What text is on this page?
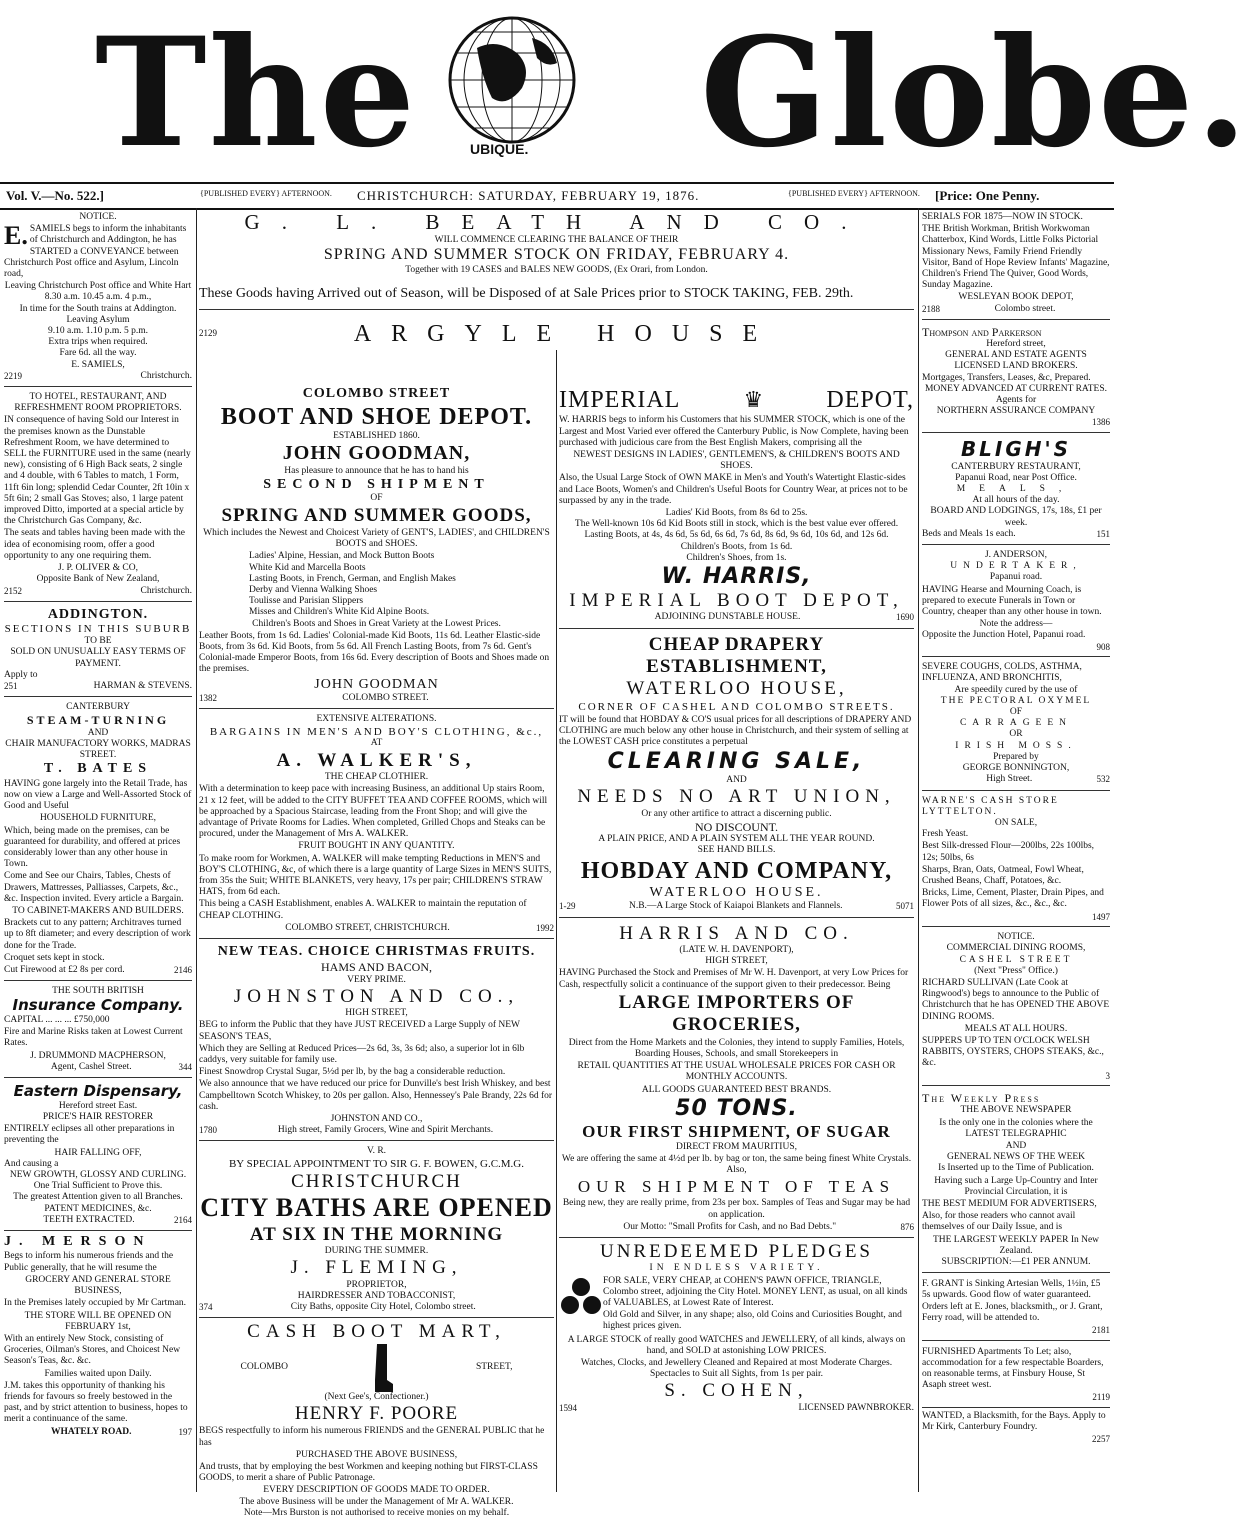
The	UBIQUE. Globe.
Vol. V.—No. 522.]	{PUBLISHED EVERY} AFTERNOON. CHRISTCHURCH: SATURDAY, FEBRUARY 19, 1876.	{PUBLISHED EVERY} AFTERNOON. [Price: One Penny.
NOTICE.

E. SAMIELS begs to inform the inhabitants of Christchurch and Addington, he has STARTED a CONVEYANCE between Christchurch Post office and Asylum, Lincoln road,

Leaving Christchurch Post office and White Hart
8.30 a.m. 10.45 a.m. 4 p.m.,
In time for the South trains at Addington.
Leaving Asylum
9.10 a.m. 1.10 p.m. 5 p.m.
Extra trips when required.
Fare 6d. all the way.
E. SAMIELS,
2219	Christchurch.
TO HOTEL, RESTAURANT, AND REFRESHMENT ROOM PROPRIETORS.

IN consequence of having Sold our Interest in the premises known as the Dunstable Refreshment Room, we have determined to SELL the FURNITURE used in the same (nearly new), consisting of 6 High Back seats, 2 single and 4 double, with 6 Tables to match, 1 Form, 11ft 6in long; splendid Cedar Counter, 2ft 10in x 5ft 6in; 2 small Gas Stoves; also, 1 large patent improved Ditto, imported at a special article by the Christchurch Gas Company, &c.

The seats and tables having been made with the idea of economising room, offer a good opportunity to any one requiring them.

J. P. OLIVER & CO,
Opposite Bank of New Zealand,
2152	Christchurch.
ADDINGTON.
SECTIONS IN THIS SUBURB
TO BE
SOLD ON UNUSUALLY EASY TERMS OF PAYMENT.
Apply to
251	HARMAN & STEVENS.
CANTERBURY
STEAM-TURNING
AND
CHAIR MANUFACTORY WORKS, MADRAS STREET.
T. BATES

HAVING gone largely into the Retail Trade, has now on view a Large and Well-Assorted Stock of Good and Useful

HOUSEHOLD FURNITURE,

Which, being made on the premises, can be guaranteed for durability, and offered at prices considerably lower than any other house in Town.

Come and See our Chairs, Tables, Chests of Drawers, Mattresses, Palliasses, Carpets, &c., &c. Inspection invited. Every article a Bargain.

TO CABINET-MAKERS AND BUILDERS.

Brackets cut to any pattern; Architraves turned up to 8ft diameter; and every description of work done for the Trade.

Croquet sets kept in stock.

Cut Firewood at £2 8s per cord.	2146
THE SOUTH BRITISH
Insurance Company.
CAPITAL ... ... ... £750,000

Fire and Marine Risks taken at Lowest Current Rates.

J. DRUMMOND MACPHERSON,
Agent, Cashel Street.	344
Eastern Dispensary,
Hereford street East.
PRICE'S HAIR RESTORER

ENTIRELY eclipses all other preparations in preventing the

HAIR FALLING OFF,
And causing a
NEW GROWTH, GLOSSY AND CURLING.
One Trial Sufficient to Prove this.
The greatest Attention given to all Branches.
PATENT MEDICINES, &c.
TEETH EXTRACTED.	2164
J. MERSON

Begs to inform his numerous friends and the Public generally, that he will resume the

GROCERY AND GENERAL STORE BUSINESS,

In the Premises lately occupied by Mr Cartman.

THE STORE WILL BE OPENED ON
FEBRUARY 1st,

With an entirely New Stock, consisting of Groceries, Oilman's Stores, and Choicest New Season's Teas, &c. &c.

Families waited upon Daily.

J.M. takes this opportunity of thanking his friends for favours so freely bestowed in the past, and by strict attention to business, hopes to merit a continuance of the same.

WHATELY ROAD.	197
G. L. BEATH AND CO.
WILL COMMENCE CLEARING THE BALANCE OF THEIR
SPRING AND SUMMER STOCK ON FRIDAY, FEBRUARY 4.
Together with 19 CASES and BALES NEW GOODS, (Ex Orari, from London.
These Goods having Arrived out of Season, will be Disposed of at Sale Prices prior to STOCK TAKING, FEB. 29th.
2129	ARGYLE HOUSE
COLOMBO STREET
BOOT AND SHOE DEPOT.
ESTABLISHED 1860.
JOHN GOODMAN,
Has pleasure to announce that he has to hand his
SECOND SHIPMENT
OF
SPRING AND SUMMER GOODS,

Which includes the Newest and Choicest Variety of GENT'S, LADIES', and CHILDREN'S BOOTS and SHOES.

Ladies' Alpine, Hessian, and Mock Button Boots
White Kid and Marcella Boots
Lasting Boots, in French, German, and English Makes
Derby and Vienna Walking Shoes
Toulisse and Parisian Slippers
Misses and Children's White Kid Alpine Boots.
Children's Boots and Shoes in Great Variety at the Lowest Prices.

Leather Boots, from 1s 6d. Ladies' Colonial-made Kid Boots, 11s 6d. Leather Elastic-side Boots, from 3s 6d. Kid Boots, from 5s 6d. All French Lasting Boots, from 7s 6d. Gent's Colonial-made Emperor Boots, from 16s 6d. Every description of Boots and Shoes made on the premises.

JOHN GOODMAN
1382	COLOMBO STREET.
EXTENSIVE ALTERATIONS.
BARGAINS IN MEN'S AND BOY'S CLOTHING, &c.,
AT
A. WALKER'S,
THE CHEAP CLOTHIER.

With a determination to keep pace with increasing Business, an additional Up stairs Room, 21 x 12 feet, will be added to the CITY BUFFET TEA AND COFFEE ROOMS, which will be approached by a Spacious Staircase, leading from the Front Shop; and will give the advantage of Private Rooms for Ladies. When completed, Grilled Chops and Steaks can be procured, under the Management of Mrs A. WALKER.

FRUIT BOUGHT IN ANY QUANTITY.

To make room for Workmen, A. WALKER will make tempting Reductions in MEN'S and BOY'S CLOTHING, &c, of which there is a large quantity of Large Sizes in MEN'S SUITS, from 35s the Suit; WHITE BLANKETS, very heavy, 17s per pair; CHILDREN'S STRAW HATS, from 6d each.

This being a CASH Establishment, enables A. WALKER to maintain the reputation of CHEAP CLOTHING.

COLOMBO STREET, CHRISTCHURCH.	1992
NEW TEAS. CHOICE CHRISTMAS FRUITS.
HAMS AND BACON,
VERY PRIME.
JOHNSTON AND CO.,
HIGH STREET,

BEG to inform the Public that they have JUST RECEIVED a Large Supply of NEW SEASON'S TEAS,

Which they are Selling at Reduced Prices—2s 6d, 3s, 3s 6d; also, a superior lot in 6lb caddys, very suitable for family use.

Finest Snowdrop Crystal Sugar, 5½d per lb, by the bag a considerable reduction.

We also announce that we have reduced our price for Dunville's best Irish Whiskey, and best Campbelltown Scotch Whiskey, to 20s per gallon. Also, Hennessey's Pale Brandy, 22s 6d for cash.

JOHNSTON AND CO.,
1780	High street, Family Grocers, Wine and Spirit Merchants.
V. R.
BY SPECIAL APPOINTMENT TO SIR G. F. BOWEN, G.C.M.G.
CHRISTCHURCH
CITY BATHS ARE OPENED
AT SIX IN THE MORNING
DURING THE SUMMER.
J. FLEMING,
PROPRIETOR,
HAIRDRESSER AND TOBACCONIST,
374	City Baths, opposite City Hotel, Colombo street.
CASH BOOT MART,
COLOMBO	STREET,
(Next Gee's, Confectioner.)
HENRY F. POORE

BEGS respectfully to inform his numerous FRIENDS and the GENERAL PUBLIC that he has

PURCHASED THE ABOVE BUSINESS,

And trusts, that by employing the best Workmen and keeping nothing but FIRST-CLASS GOODS, to merit a share of Public Patronage.

EVERY DESCRIPTION OF GOODS MADE TO ORDER.
The above Business will be under the Management of Mr A. WALKER.
Note—Mrs Burston is not authorised to receive monies on my behalf.
IMPERIAL	♛	DEPOT,

W. HARRIS begs to inform his Customers that his SUMMER STOCK, which is one of the Largest and Most Varied ever offered the Canterbury Public, is Now Complete, having been purchased with judicious care from the Best English Makers, comprising all the

NEWEST DESIGNS IN LADIES', GENTLEMEN'S, & CHILDREN'S BOOTS AND SHOES.

Also, the Usual Large Stock of OWN MAKE in Men's and Youth's Watertight Elastic-sides and Lace Boots, Women's and Children's Useful Boots for Country Wear, at prices not to be surpassed by any in the trade.

Ladies' Kid Boots, from 8s 6d to 25s.
The Well-known 10s 6d Kid Boots still in stock, which is the best value ever offered.
Lasting Boots, at 4s, 4s 6d, 5s 6d, 6s 6d, 7s 6d, 8s 6d, 9s 6d, 10s 6d, and 12s 6d.
Children's Boots, from 1s 6d.
Children's Shoes, from 1s.
W. HARRIS,
IMPERIAL BOOT DEPOT,
ADJOINING DUNSTABLE HOUSE.	1690
CHEAP DRAPERY ESTABLISHMENT,
WATERLOO HOUSE,
CORNER OF CASHEL AND COLOMBO STREETS.

IT will be found that HOBDAY & CO'S usual prices for all descriptions of DRAPERY AND CLOTHING are much below any other house in Christchurch, and their system of selling at the LOWEST CASH price constitutes a perpetual

CLEARING SALE,
AND
NEEDS NO ART UNION,
Or any other artifice to attract a discerning public.
NO DISCOUNT.
A PLAIN PRICE, AND A PLAIN SYSTEM ALL THE YEAR ROUND.
SEE HAND BILLS.
HOBDAY AND COMPANY,
WATERLOO HOUSE.
1-29	N.B.—A Large Stock of Kaiapoi Blankets and Flannels.	5071
HARRIS AND CO.
(LATE W. H. DAVENPORT),
HIGH STREET,

HAVING Purchased the Stock and Premises of Mr W. H. Davenport, at very Low Prices for Cash, respectfully solicit a continuance of the support given to their predecessor. Being

LARGE IMPORTERS OF GROCERIES,

Direct from the Home Markets and the Colonies, they intend to supply Families, Hotels, Boarding Houses, Schools, and small Storekeepers in

RETAIL QUANTITIES AT THE USUAL WHOLESALE PRICES FOR CASH OR MONTHLY ACCOUNTS.

ALL GOODS GUARANTEED BEST BRANDS.
50 TONS.
OUR FIRST SHIPMENT, OF SUGAR
DIRECT FROM MAURITIUS,

We are offering the same at 4½d per lb. by bag or ton, the same being finest White Crystals. Also,

OUR SHIPMENT OF TEAS

Being new, they are really prime, from 23s per box. Samples of Teas and Sugar may be had on application.

Our Motto: "Small Profits for Cash, and no Bad Debts."	876
UNREDEEMED PLEDGES
IN ENDLESS VARIETY.

FOR SALE, VERY CHEAP, at COHEN'S PAWN OFFICE, TRIANGLE, Colombo street, adjoining the City Hotel. MONEY LENT, as usual, on all kinds of VALUABLES, at Lowest Rate of Interest.

Old Gold and Silver, in any shape; also, old Coins and Curiosities Bought, and highest prices given.

A LARGE STOCK of really good WATCHES and JEWELLERY, of all kinds, always on hand, and SOLD at astonishing LOW PRICES.

Watches, Clocks, and Jewellery Cleaned and Repaired at most Moderate Charges.
Spectacles to Suit all Sights, from 1s per pair.
S. COHEN,
1594	LICENSED PAWNBROKER.
SERIALS FOR 1875—NOW IN STOCK.

THE British Workman, British Workwoman Chatterbox, Kind Words, Little Folks Pictorial Missionary News, Family Friend Friendly Visitor, Band of Hope Review Infants' Magazine, Children's Friend The Quiver, Good Words, Sunday Magazine.

WESLEYAN BOOK DEPOT,
2188	Colombo street.
Thompson and Parkerson
Hereford street,
GENERAL AND ESTATE AGENTS
LICENSED LAND BROKERS.
Mortgages, Transfers, Leases, &c, Prepared.
MONEY ADVANCED AT CURRENT RATES.
Agents for
NORTHERN ASSURANCE COMPANY
1386
BLIGH'S
CANTERBURY RESTAURANT,
Papanui Road, near Post Office.
MEALS,
At all hours of the day.
BOARD AND LODGINGS, 17s, 18s, £1 per week.
Beds and Meals 1s each.	151
J. ANDERSON,
UNDERTAKER,
Papanui road.

HAVING Hearse and Mourning Coach, is prepared to execute Funerals in Town or Country, cheaper than any other house in town.

Note the address—
Opposite the Junction Hotel, Papanui road.
908
SEVERE COUGHS, COLDS, ASTHMA, INFLUENZA, AND BRONCHITIS,
Are speedily cured by the use of
THE PECTORAL OXYMEL
OF
CARRAGEEN
OR
IRISH MOSS.
Prepared by
GEORGE BONNINGTON,
High Street.	532
WARNE'S CASH STORE LYTTELTON.
ON SALE,
Fresh Yeast.

Best Silk-dressed Flour—200lbs, 22s 100lbs, 12s; 50lbs, 6s

Sharps, Bran, Oats, Oatmeal, Fowl Wheat, Crushed Beans, Chaff, Potatoes, &c.

Bricks, Lime, Cement, Plaster, Drain Pipes, and Flower Pots of all sizes, &c., &c., &c.

1497
NOTICE.
COMMERCIAL DINING ROOMS,
CASHEL STREET
(Next "Press" Office.)

RICHARD SULLIVAN (Late Cook at Ringwood's) begs to announce to the Public of Christchurch that he has OPENED THE ABOVE DINING ROOMS.

MEALS AT ALL HOURS.

SUPPERS UP TO TEN O'CLOCK WELSH RABBITS, OYSTERS, CHOPS STEAKS, &c., &c.

3
The Weekly Press
THE ABOVE NEWSPAPER

Is the only one in the colonies where the LATEST TELEGRAPHIC

AND
GENERAL NEWS OF THE WEEK
Is Inserted up to the Time of Publication.

Having such a Large Up-Country and Inter Provincial Circulation, it is

THE BEST MEDIUM FOR ADVERTISERS,

Also, for those readers who cannot avail themselves of our Daily Issue, and is

THE LARGEST WEEKLY PAPER In New Zealand.
SUBSCRIPTION:—£1 PER ANNUM.

F. GRANT is Sinking Artesian Wells, 1½in, £5 5s upwards. Good flow of water guaranteed. Orders left at E. Jones, blacksmith,, or J. Grant, Ferry road, will be attended to.

2181

FURNISHED Apartments To Let; also, accommodation for a few respectable Boarders, on reasonable terms, at Finsbury House, St Asaph street west.

2119

WANTED, a Blacksmith, for the Bays. Apply to Mr Kirk, Canterbury Foundry.

2257
